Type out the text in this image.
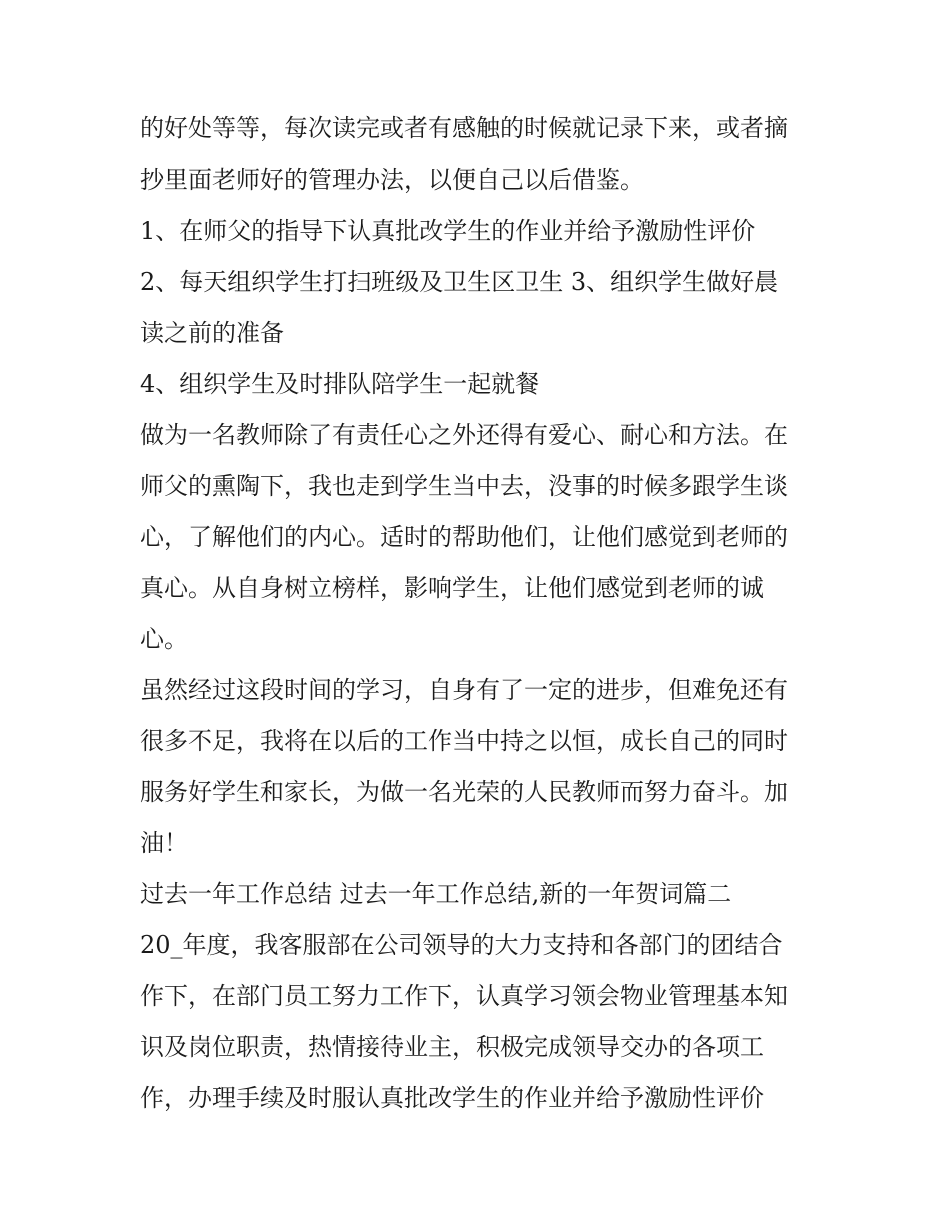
的好处等等，每次读完或者有感触的时候就记录下来，或者摘
抄里面老师好的管理办法，以便自己以后借鉴。
1、在师父的指导下认真批改学生的作业并给予激励性评价
2、每天组织学生打扫班级及卫生区卫生 3、组织学生做好晨
读之前的准备
4、组织学生及时排队陪学生一起就餐
做为一名教师除了有责任心之外还得有爱心、耐心和方法。在
师父的熏陶下，我也走到学生当中去，没事的时候多跟学生谈
心，了解他们的内心。适时的帮助他们，让他们感觉到老师的
真心。从自身树立榜样，影响学生，让他们感觉到老师的诚
心。
虽然经过这段时间的学习，自身有了一定的进步，但难免还有
很多不足，我将在以后的工作当中持之以恒，成长自己的同时
服务好学生和家长，为做一名光荣的人民教师而努力奋斗。加
油！
过去一年工作总结 过去一年工作总结,新的一年贺词篇二
20_年度，我客服部在公司领导的大力支持和各部门的团结合
作下，在部门员工努力工作下，认真学习领会物业管理基本知
识及岗位职责，热情接待业主，积极完成领导交办的各项工
作，办理手续及时服认真批改学生的作业并给予激励性评价
